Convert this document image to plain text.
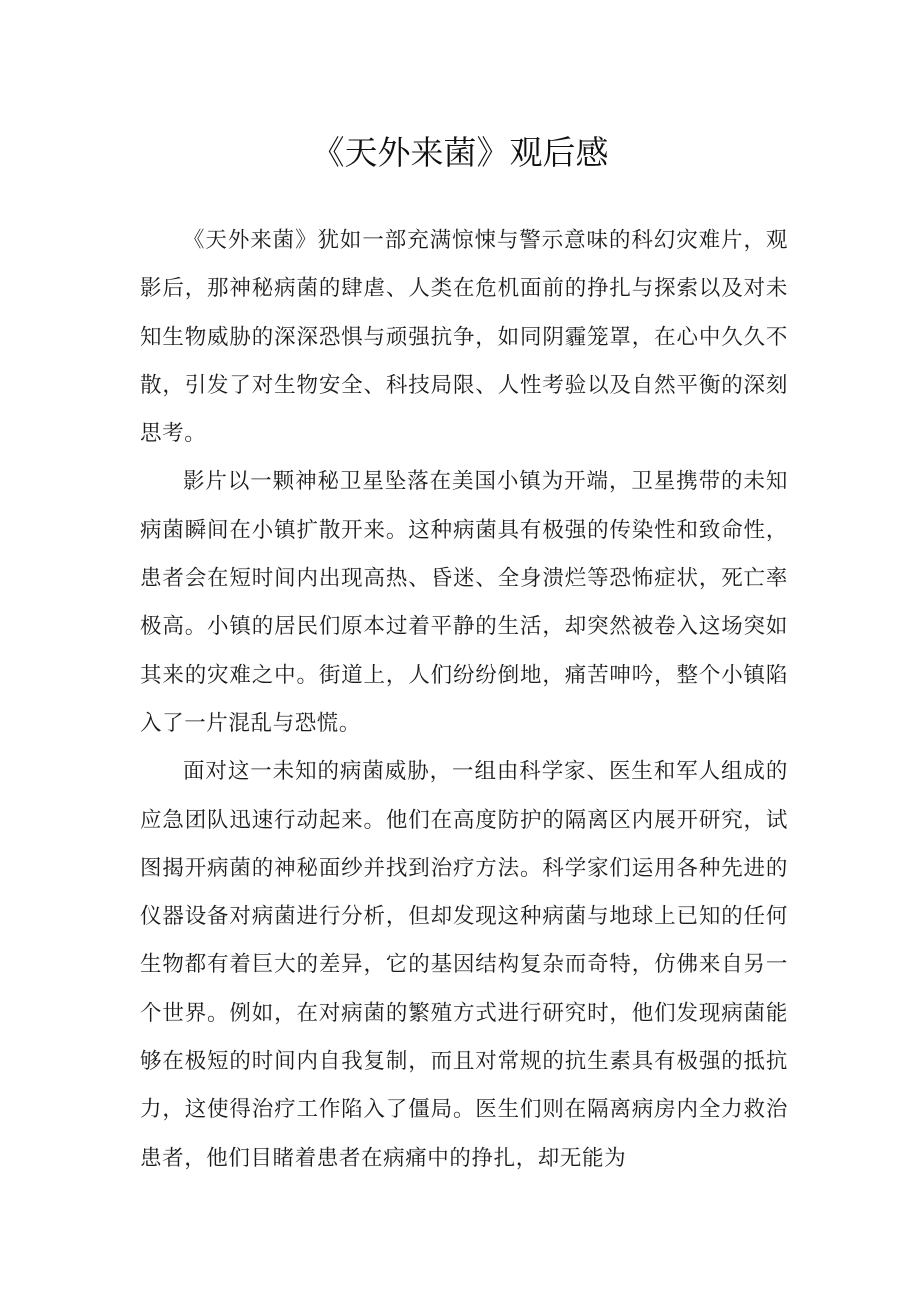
《天外来菌》观后感

《天外来菌》犹如一部充满惊悚与警示意味的科幻灾难片，观影后，那神秘病菌的肆虐、人类在危机面前的挣扎与探索以及对未知生物威胁的深深恐惧与顽强抗争，如同阴霾笼罩，在心中久久不散，引发了对生物安全、科技局限、人性考验以及自然平衡的深刻思考。

影片以一颗神秘卫星坠落在美国小镇为开端，卫星携带的未知病菌瞬间在小镇扩散开来。这种病菌具有极强的传染性和致命性，患者会在短时间内出现高热、昏迷、全身溃烂等恐怖症状，死亡率极高。小镇的居民们原本过着平静的生活，却突然被卷入这场突如其来的灾难之中。街道上，人们纷纷倒地，痛苦呻吟，整个小镇陷入了一片混乱与恐慌。

面对这一未知的病菌威胁，一组由科学家、医生和军人组成的应急团队迅速行动起来。他们在高度防护的隔离区内展开研究，试图揭开病菌的神秘面纱并找到治疗方法。科学家们运用各种先进的仪器设备对病菌进行分析，但却发现这种病菌与地球上已知的任何生物都有着巨大的差异，它的基因结构复杂而奇特，仿佛来自另一个世界。例如，在对病菌的繁殖方式进行研究时，他们发现病菌能够在极短的时间内自我复制，而且对常规的抗生素具有极强的抵抗力，这使得治疗工作陷入了僵局。医生们则在隔离病房内全力救治患者，他们目睹着患者在病痛中的挣扎，却无能为
